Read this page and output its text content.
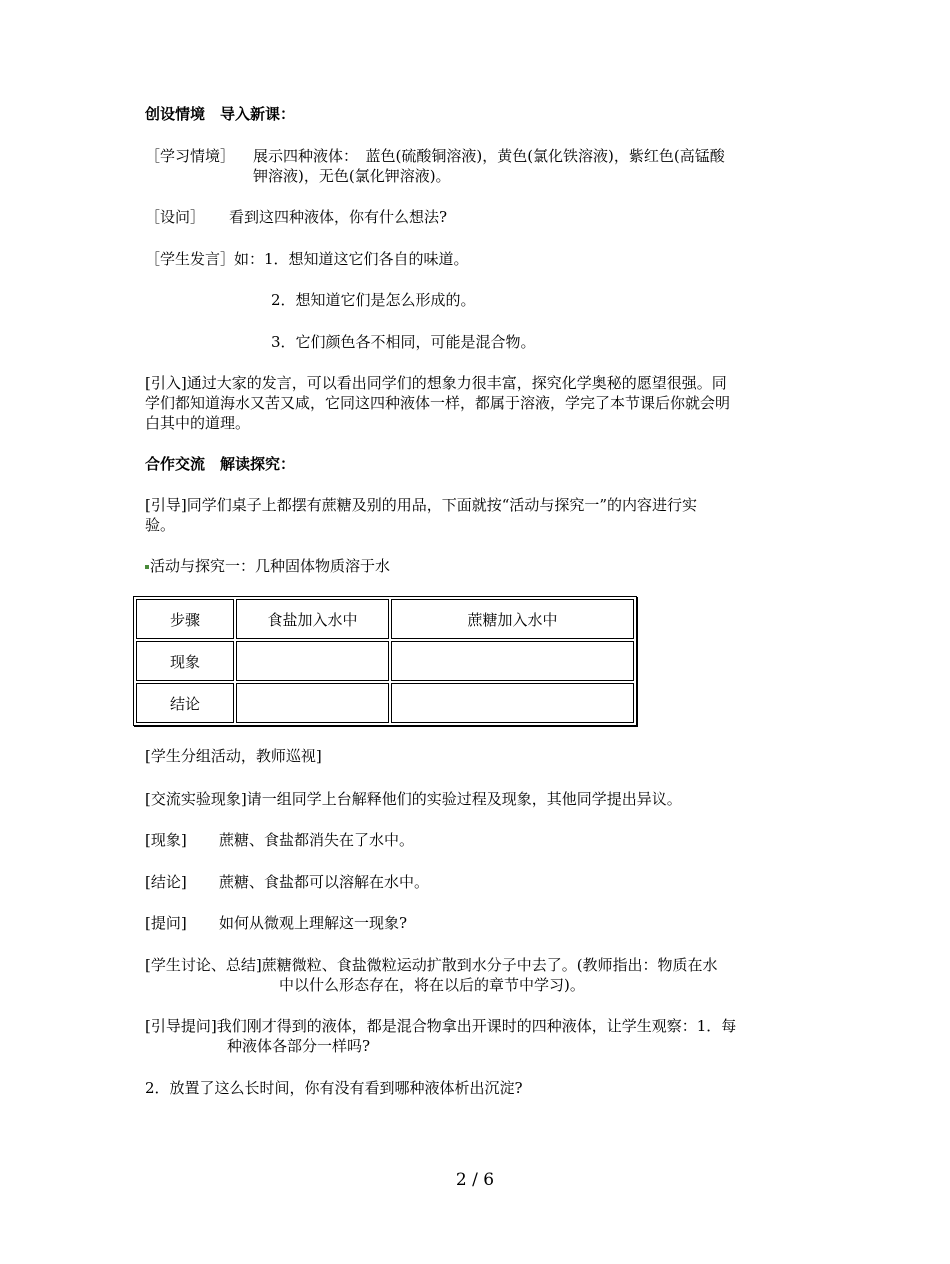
创设情境　导入新课：
［学习情境］ 展示四种液体：　蓝色(硫酸铜溶液)，黄色(氯化铁溶液)，紫红色(高锰酸
钾溶液)，无色(氯化钾溶液)。
［设问］ 看到这四种液体，你有什么想法?
［学生发言］
如：1．想知道这它们各自的味道。
2．想知道它们是怎么形成的。
3．它们颜色各不相同，可能是混合物。
[引入]通过大家的发言，可以看出同学们的想象力很丰富，探究化学奥秘的愿望很强。同
学们都知道海水又苦又咸，它同这四种液体一样，都属于溶液，学完了本节课后你就会明
白其中的道理。
合作交流　解读探究：
[引导]同学们桌子上都摆有蔗糖及别的用品，下面就按“活动与探究一”的内容进行实
验。
活动与探究一：几种固体物质溶于水
步骤	食盐加入水中	蔗糖加入水中
现象		
结论		
[学生分组活动，教师巡视]
[交流实验现象]请一组同学上台解释他们的实验过程及现象，其他同学提出异议。
[现象] 蔗糖、食盐都消失在了水中。
[结论] 蔗糖、食盐都可以溶解在水中。
[提问] 如何从微观上理解这一现象?
[学生讨论、总结]蔗糖微粒、食盐微粒运动扩散到水分子中去了。(教师指出：物质在水
中以什么形态存在，将在以后的章节中学习)。
[引导提问]我们刚才得到的液体，都是混合物拿出开课时的四种液体，让学生观察：1．每
种液体各部分一样吗?
2．放置了这么长时间，你有没有看到哪种液体析出沉淀?
2 / 6
